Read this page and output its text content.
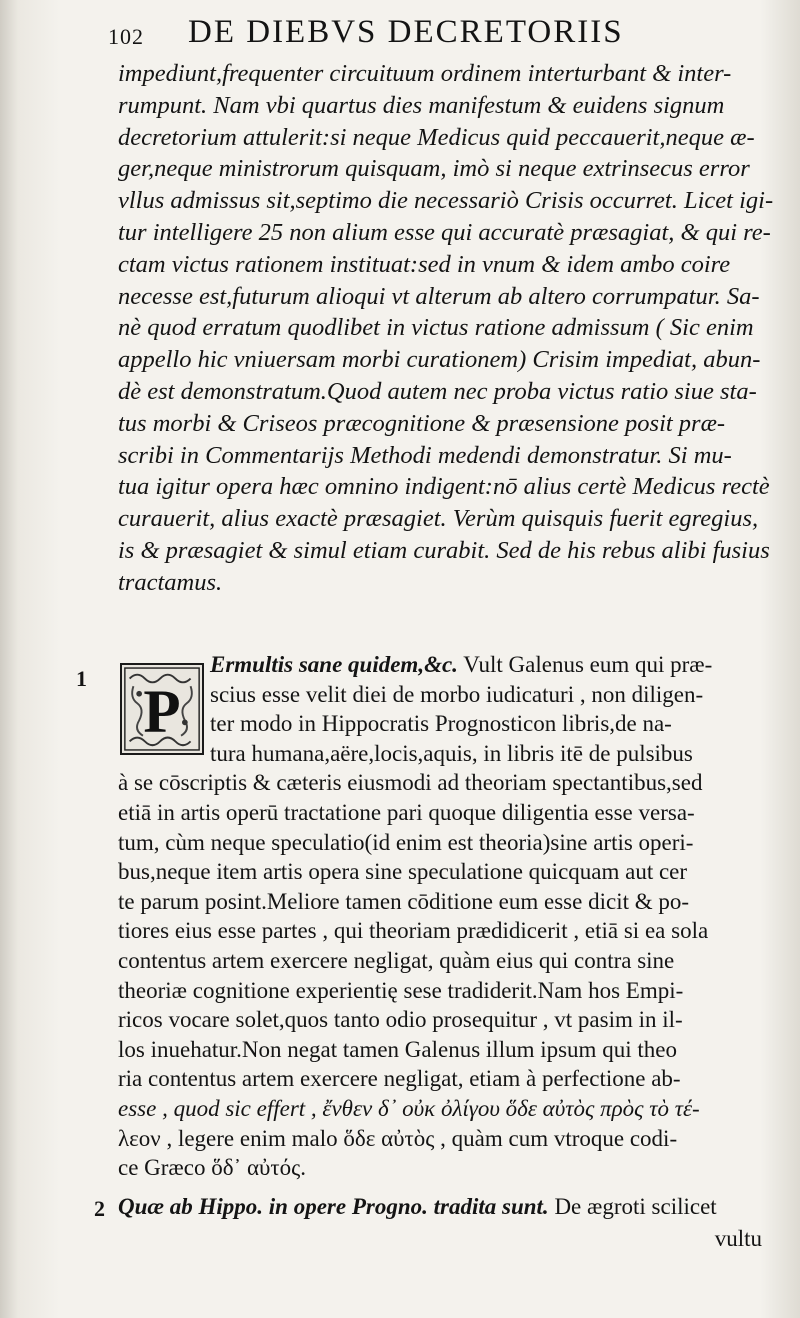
102 DE DIEBVS DECRETORIIS
impediunt,frequenter circuituum ordinem interturbant & inter-
rumpunt. Nam vbi quartus dies manifestum & euidens signum
decretorium attulerit:si neque Medicus quid peccauerit,neque æ-
ger,neque ministrorum quisquam, imò si neque extrinsecus error
vllus admissus sit,septimo die necessariò Crisis occurret. Licet igi-
tur intelligere 25 non alium esse qui accuratè præsagiat, & qui re-
ctam victus rationem instituat:sed in vnum & idem ambo coire
necesse est,futurum alioqui vt alterum ab altero corrumpatur. Sa-
nè quod erratum quodlibet in victus ratione admissum ( Sic enim
appello hic vniuersam morbi curationem) Crisim impediat, abun-
dè est demonstratum.Quod autem nec proba victus ratio siue sta-
tus morbi & Criseos præcognitione & præsensione posit præ-
scribi in Commentarijs Methodi medendi demonstratur. Si mu-
tua igitur opera hæc omnino indigent:nō alius certè Medicus rectè
curauerit, alius exactè præsagiet. Verùm quisquis fuerit egregius,
is & præsagiet & simul etiam curabit. Sed de his rebus alibi fusius
tractamus.
1
P
Ermultis sane quidem,&c. Vult Galenus eum qui præ-
scius esse velit diei de morbo iudicaturi , non diligen-
ter modo in Hippocratis Prognosticon libris,de na-
tura humana,aëre,locis,aquis, in libris itē de pulsibus
à se cōscriptis & cæteris eiusmodi ad theoriam spectantibus,sed
etiā in artis operū tractatione pari quoque diligentia esse versa-
tum, cùm neque speculatio(id enim est theoria)sine artis operi-
bus,neque item artis opera sine speculatione quicquam aut cer
te parum posint.Meliore tamen cōditione eum esse dicit & po-
tiores eius esse partes , qui theoriam prædidicerit , etiā si ea sola
contentus artem exercere negligat, quàm eius qui contra sine
theoriæ cognitione experientię sese tradiderit.Nam hos Empi-
ricos vocare solet,quos tanto odio prosequitur , vt pasim in il-
los inuehatur.Non negat tamen Galenus illum ipsum qui theo
ria contentus artem exercere negligat, etiam à perfectione ab-
esse , quod sic effert , ἔνθεν δ᾽ οὐκ ὀλίγου ὅδε αὐτὸς πρὸς τὸ τέ-
λεον , legere enim malo ὅδε αὐτὸς , quàm cum vtroque codi-
ce Græco ὅδ᾽ αὐτός.
2 Quæ ab Hippo. in opere Progno. tradita sunt. De ægroti scilicet
vultu
